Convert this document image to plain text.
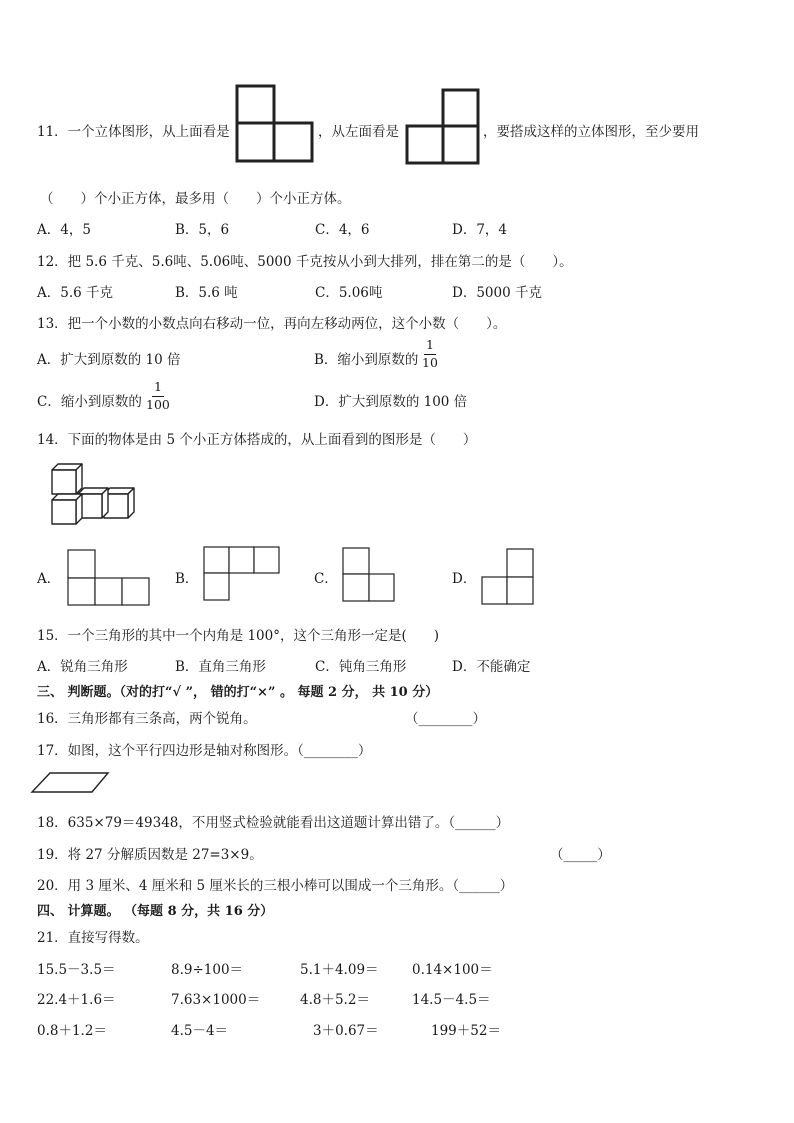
11．一个立体图形，从上面看是	，从左面看是	，要搭成这样的立体图形，至少要用
（　　）个小正方体，最多用（　　）个小正方体。
A．4，5	B．5，6	C．4，6	D．7，4
12．把 5.6 千克、5.6吨、5.06吨、5000 千克按从小到大排列，排在第二的是（　　）。
A．5.6 千克	B．5.6 吨	C．5.06吨	D．5000 千克
13．把一个小数的小数点向右移动一位，再向左移动两位，这个小数（　　）。
A．扩大到原数的 10 倍	B．缩小到原数的 $\frac{1}{10}$
C．缩小到原数的 $\frac{1}{100}$	D．扩大到原数的 100 倍
14．下面的物体是由 5 个小正方体搭成的，从上面看到的图形是（　　）
A．	B．	C．	D．
15．一个三角形的其中一个内角是 100°，这个三角形一定是(　　)
A．锐角三角形	B．直角三角形	C．钝角三角形	D．不能确定
三、 判断题。（对的打“√ ”， 错的打“×” 。 每题 2 分， 共 10 分）
16．三角形都有三条高，两个锐角。	（________）
17．如图，这个平行四边形是轴对称图形。（________）
18．635×79＝49348，不用竖式检验就能看出这道题计算出错了。（______）
19．将 27 分解质因数是 27=3×9。	（_____）
20．用 3 厘米、4 厘米和 5 厘米长的三根小棒可以围成一个三角形。（______）
四、 计算题。 （每题 8 分，共 16 分）
21．直接写得数。
15.5－3.5＝	8.9÷100＝	5.1＋4.09＝ 0.14×100＝
22.4＋1.6＝	7.63×1000＝	4.8＋5.2＝	14.5－4.5＝
0.8＋1.2＝	4.5－4＝	3＋0.67＝	199＋52＝
